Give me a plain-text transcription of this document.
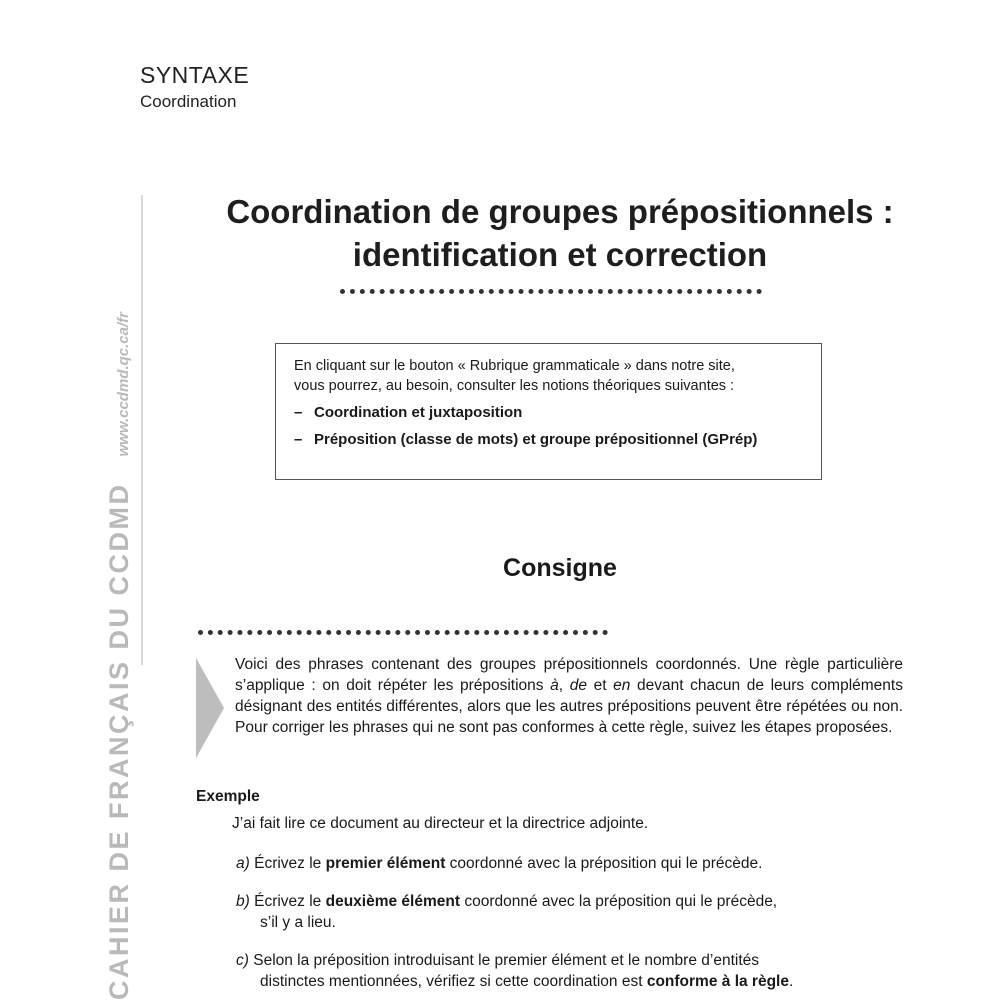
SYNTAXE
Coordination
CAHIER DE FRANÇAIS DU CCDMDwww.ccdmd.qc.ca/fr
Coordination de groupes prépositionnels :
identification et correction
En cliquant sur le bouton « Rubrique grammaticale » dans notre site,
vous pourrez, au besoin, consulter les notions théoriques suivantes :
– Coordination et juxtaposition
– Préposition (classe de mots) et groupe prépositionnel (GPrép)
Consigne
Voici des phrases contenant des groupes prépositionnels coordonnés. Une règle particulière s’applique : on doit répéter les prépositions à, de et en devant chacun de leurs compléments désignant des entités différentes, alors que les autres prépositions peuvent être répétées ou non. Pour corriger les phrases qui ne sont pas conformes à cette règle, suivez les étapes proposées.
Exemple
J’ai fait lire ce document au directeur et la directrice adjointe.
a) Écrivez le premier élément coordonné avec la préposition qui le précède.
b) Écrivez le deuxième élément coordonné avec la préposition qui le précède,
s’il y a lieu.
c) Selon la préposition introduisant le premier élément et le nombre d’entités
distinctes mentionnées, vérifiez si cette coordination est conforme à la règle.
